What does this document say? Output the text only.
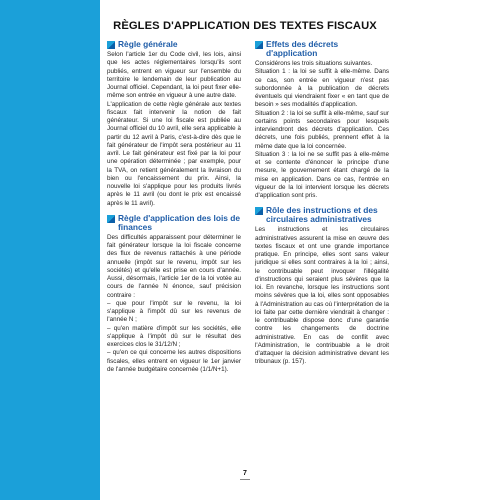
RÈGLES D'APPLICATION DES TEXTES FISCAUX
Règle générale

Selon l'article 1er du Code civil, les lois, ainsi que les actes réglementaires lorsqu'ils sont publiés, entrent en vigueur sur l'ensemble du territoire le lendemain de leur publication au Journal officiel. Cependant, la loi peut fixer elle-même son entrée en vigueur à une autre date.

L'application de cette règle générale aux textes fiscaux fait intervenir la notion de fait générateur. Si une loi fiscale est publiée au Journal officiel du 10 avril, elle sera applicable à partir du 12 avril à Paris, c'est-à-dire dès que le fait générateur de l'impôt sera postérieur au 11 avril. Le fait générateur est fixé par la loi pour une opération déterminée ; par exemple, pour la TVA, on retient généralement la livraison du bien ou l'encaissement du prix. Ainsi, la nouvelle loi s'applique pour les produits livrés après le 11 avril (ou dont le prix est encaissé après le 11 avril).

Règle d'application des lois de finances

Des difficultés apparaissent pour déterminer le fait générateur lorsque la loi fiscale concerne des flux de revenus rattachés à une période annuelle (impôt sur le revenu, impôt sur les sociétés) et qu'elle est prise en cours d'année. Aussi, désormais, l'article 1er de la loi votée au cours de l'année N énonce, sauf précision contraire :

– que pour l'impôt sur le revenu, la loi s'applique à l'impôt dû sur les revenus de l'année N ;

– qu'en matière d'impôt sur les sociétés, elle s'applique à l'impôt dû sur le résultat des exercices clos le 31/12/N ;

– qu'en ce qui concerne les autres dispositions fiscales, elles entrent en vigueur le 1er janvier de l'année budgétaire concernée (1/1/N+1).

Effets des décrets d'application

Considérons les trois situations suivantes.

Situation 1 : la loi se suffit à elle-même. Dans ce cas, son entrée en vigueur n'est pas subordonnée à la publication de décrets éventuels qui viendraient fixer « en tant que de besoin » ses modalités d'application.

Situation 2 : la loi se suffit à elle-même, sauf sur certains points secondaires pour lesquels interviendront des décrets d'application. Ces décrets, une fois publiés, prennent effet à la même date que la loi concernée.

Situation 3 : la loi ne se suffit pas à elle-même et se contente d'énoncer le principe d'une mesure, le gouvernement étant chargé de la mise en application. Dans ce cas, l'entrée en vigueur de la loi intervient lorsque les décrets d'application sont pris.

Rôle des instructions et des circulaires administratives

Les instructions et les circulaires administratives assurent la mise en œuvre des textes fiscaux et ont une grande importance pratique. En principe, elles sont sans valeur juridique si elles sont contraires à la loi ; ainsi, le contribuable peut invoquer l'illégalité d'instructions qui seraient plus sévères que la loi. En revanche, lorsque les instructions sont moins sévères que la loi, elles sont opposables à l'Administration au cas où l'interprétation de la loi faite par cette dernière viendrait à changer : le contribuable dispose donc d'une garantie contre les changements de doctrine administrative. En cas de conflit avec l'Administration, le contribuable a le droit d'attaquer la décision administrative devant les tribunaux (p. 157).

7
